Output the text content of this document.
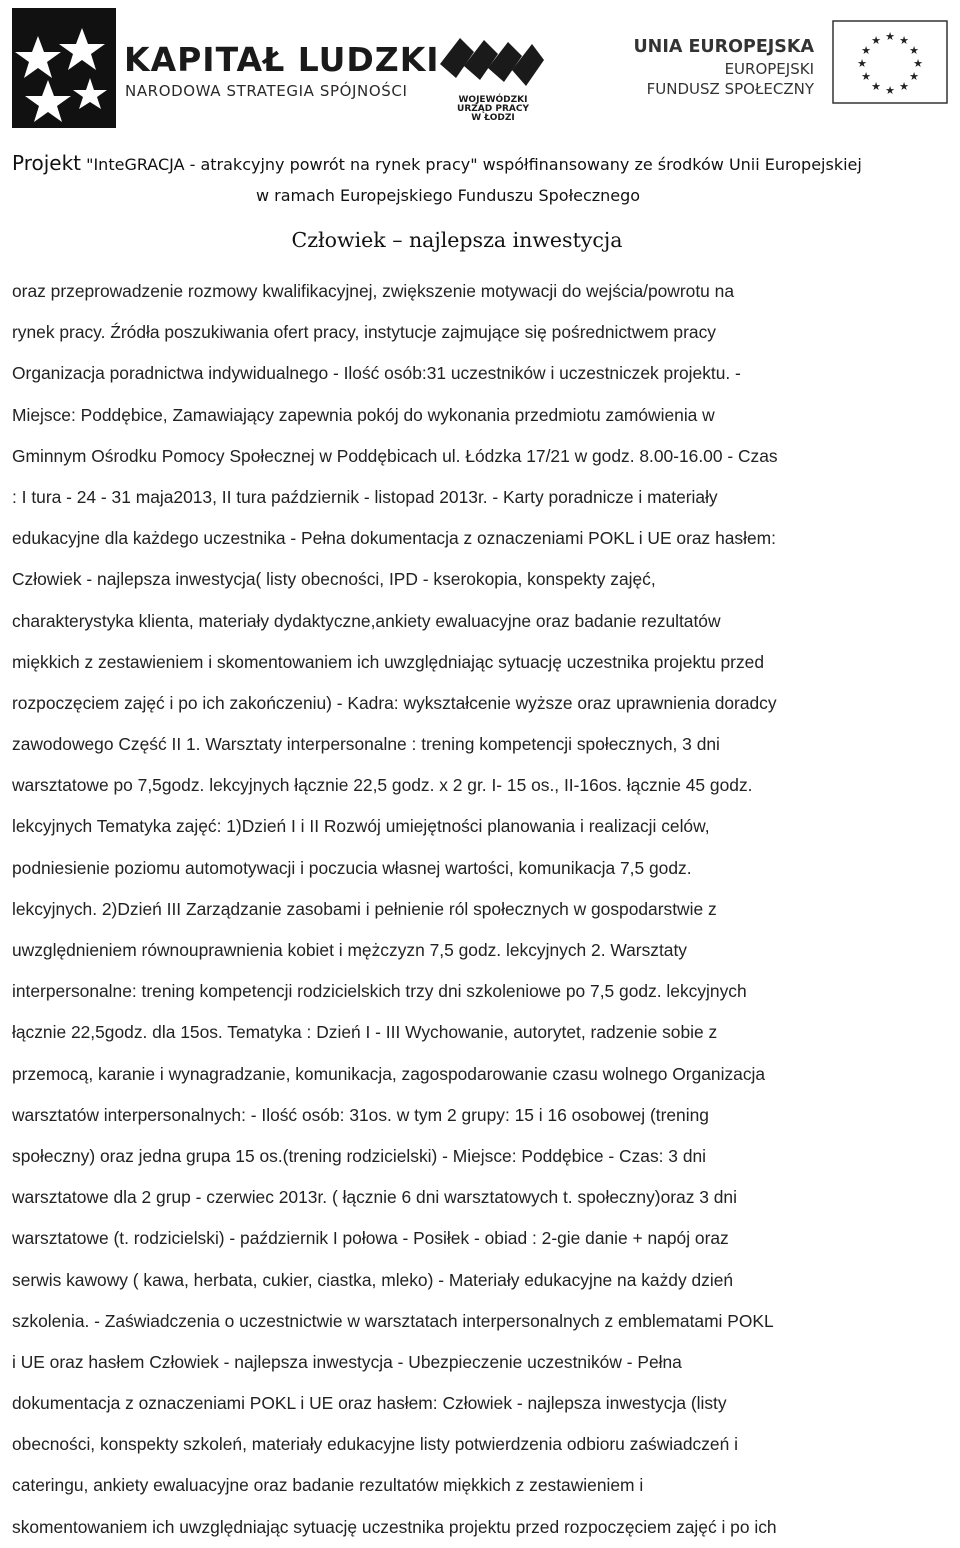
KAPITAŁ LUDZKI
NARODOWA STRATEGIA SPÓJNOŚCI	WOJEWÓDZKI
URZĄD PRACY
W ŁODZI
UNIA EUROPEJSKA
EUROPEJSKI
FUNDUSZ SPOŁECZNY
★ ★
★
★
★
★
★
★
★
★
★
★
Projekt "InteGRACJA - atrakcyjny powrót na rynek pracy" współfinansowany ze środków Unii Europejskiej
w ramach Europejskiego Funduszu Społecznego
Człowiek – najlepsza inwestycja
oraz przeprowadzenie rozmowy kwalifikacyjnej, zwiększenie motywacji do wejścia/powrotu na
rynek pracy. Źródła poszukiwania ofert pracy, instytucje zajmujące się pośrednictwem pracy
Organizacja poradnictwa indywidualnego - Ilość osób:31 uczestników i uczestniczek projektu. -
Miejsce: Poddębice, Zamawiający zapewnia pokój do wykonania przedmiotu zamówienia w
Gminnym Ośrodku Pomocy Społecznej w Poddębicach ul. Łódzka 17/21 w godz. 8.00-16.00 - Czas
: I tura - 24 - 31 maja2013, II tura październik - listopad 2013r. - Karty poradnicze i materiały
edukacyjne dla każdego uczestnika - Pełna dokumentacja z oznaczeniami POKL i UE oraz hasłem:
Człowiek - najlepsza inwestycja( listy obecności, IPD - kserokopia, konspekty zajęć,
charakterystyka klienta, materiały dydaktyczne,ankiety ewaluacyjne oraz badanie rezultatów
miękkich z zestawieniem i skomentowaniem ich uwzględniając sytuację uczestnika projektu przed
rozpoczęciem zajęć i po ich zakończeniu) - Kadra: wykształcenie wyższe oraz uprawnienia doradcy
zawodowego Część II 1. Warsztaty interpersonalne : trening kompetencji społecznych, 3 dni
warsztatowe po 7,5godz. lekcyjnych łącznie 22,5 godz. x 2 gr. I- 15 os., II-16os. łącznie 45 godz.
lekcyjnych Tematyka zajęć: 1)Dzień I i II Rozwój umiejętności planowania i realizacji celów,
podniesienie poziomu automotywacji i poczucia własnej wartości, komunikacja 7,5 godz.
lekcyjnych. 2)Dzień III Zarządzanie zasobami i pełnienie ról społecznych w gospodarstwie z
uwzględnieniem równouprawnienia kobiet i mężczyzn 7,5 godz. lekcyjnych 2. Warsztaty
interpersonalne: trening kompetencji rodzicielskich trzy dni szkoleniowe po 7,5 godz. lekcyjnych
łącznie 22,5godz. dla 15os. Tematyka : Dzień I - III Wychowanie, autorytet, radzenie sobie z
przemocą, karanie i wynagradzanie, komunikacja, zagospodarowanie czasu wolnego Organizacja
warsztatów interpersonalnych: - Ilość osób: 31os. w tym 2 grupy: 15 i 16 osobowej (trening
społeczny) oraz jedna grupa 15 os.(trening rodzicielski) - Miejsce: Poddębice - Czas: 3 dni
warsztatowe dla 2 grup - czerwiec 2013r. ( łącznie 6 dni warsztatowych t. społeczny)oraz 3 dni
warsztatowe (t. rodzicielski) - październik I połowa - Posiłek - obiad : 2-gie danie + napój oraz
serwis kawowy ( kawa, herbata, cukier, ciastka, mleko) - Materiały edukacyjne na każdy dzień
szkolenia. - Zaświadczenia o uczestnictwie w warsztatach interpersonalnych z emblematami POKL
i UE oraz hasłem Człowiek - najlepsza inwestycja - Ubezpieczenie uczestników - Pełna
dokumentacja z oznaczeniami POKL i UE oraz hasłem: Człowiek - najlepsza inwestycja (listy
obecności, konspekty szkoleń, materiały edukacyjne listy potwierdzenia odbioru zaświadczeń i
cateringu, ankiety ewaluacyjne oraz badanie rezultatów miękkich z zestawieniem i
skomentowaniem ich uwzględniając sytuację uczestnika projektu przed rozpoczęciem zajęć i po ich
